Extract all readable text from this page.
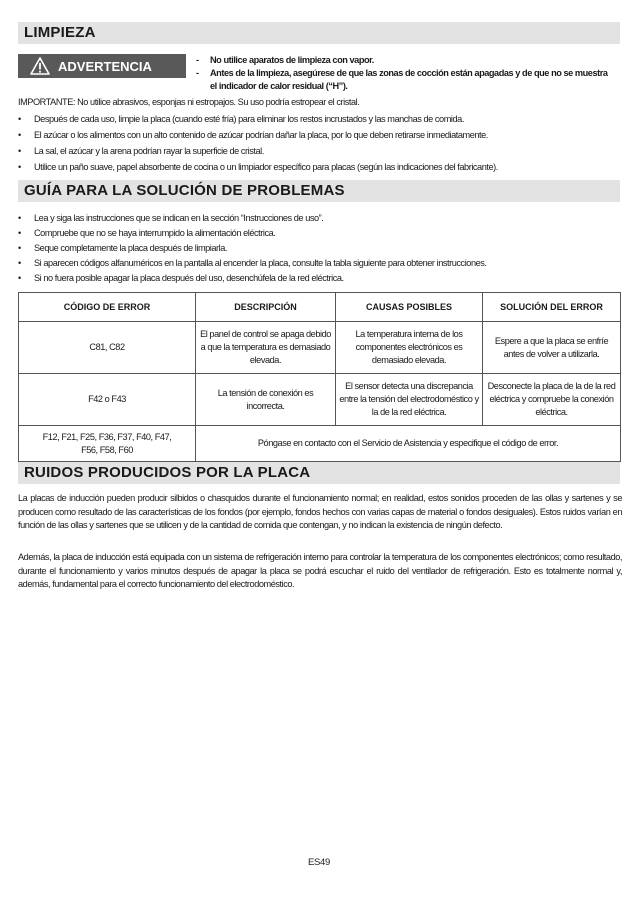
LIMPIEZA
ADVERTENCIA	- No utilice aparatos de limpieza con vapor.
- Antes de la limpieza, asegúrese de que las zonas de cocción están apagadas y de que no se muestra el indicador de calor residual (“H”).
IMPORTANTE: No utilice abrasivos, esponjas ni estropajos. Su uso podría estropear el cristal.
• Después de cada uso, limpie la placa (cuando esté fría) para eliminar los restos incrustados y las manchas de comida.
• El azúcar o los alimentos con un alto contenido de azúcar podrían dañar la placa, por lo que deben retirarse inmediatamente.
• La sal, el azúcar y la arena podrían rayar la superficie de cristal.
• Utilice un paño suave, papel absorbente de cocina o un limpiador específico para placas (según las indicaciones del fabricante).
GUÍA PARA LA SOLUCIÓN DE PROBLEMAS
• Lea y siga las instrucciones que se indican en la sección “Instrucciones de uso”.
• Compruebe que no se haya interrumpido la alimentación eléctrica.
• Seque completamente la placa después de limpiarla.
• Si aparecen códigos alfanuméricos en la pantalla al encender la placa, consulte la tabla siguiente para obtener instrucciones.
• Si no fuera posible apagar la placa después del uso, desenchúfela de la red eléctrica.
CÓDIGO DE ERROR	DESCRIPCIÓN	CAUSAS POSIBLES	SOLUCIÓN DEL ERROR
C81, C82	El panel de control se apaga debido a que la temperatura es demasiado elevada.	La temperatura interna de los componentes electrónicos es demasiado elevada.	Espere a que la placa se enfríe antes de volver a utilizarla.
F42 o F43	La tensión de conexión es incorrecta.	El sensor detecta una discrepancia entre la tensión del electrodoméstico y la de la red eléctrica.	Desconecte la placa de la de la red eléctrica y compruebe la conexión eléctrica.
F12, F21, F25, F36, F37, F40, F47, F56, F58, F60	Póngase en contacto con el Servicio de Asistencia y especifique el código de error.		
RUIDOS PRODUCIDOS POR LA PLACA
La placas de inducción pueden producir silbidos o chasquidos durante el funcionamiento normal; en realidad, estos sonidos proceden de las ollas y sartenes y se producen como resultado de las características de los fondos (por ejemplo, fondos hechos con varias capas de material o fondos desiguales). Estos ruidos varían en función de las ollas y sartenes que se utilicen y de la cantidad de comida que contengan, y no indican la existencia de ningún defecto.
Además, la placa de inducción está equipada con un sistema de refrigeración interno para controlar la temperatura de los componentes electrónicos; como resultado, durante el funcionamiento y varios minutos después de apagar la placa se podrá escuchar el ruido del ventilador de refrigeración. Esto es totalmente normal y, además, fundamental para el correcto funcionamiento del electrodoméstico.
ES49
